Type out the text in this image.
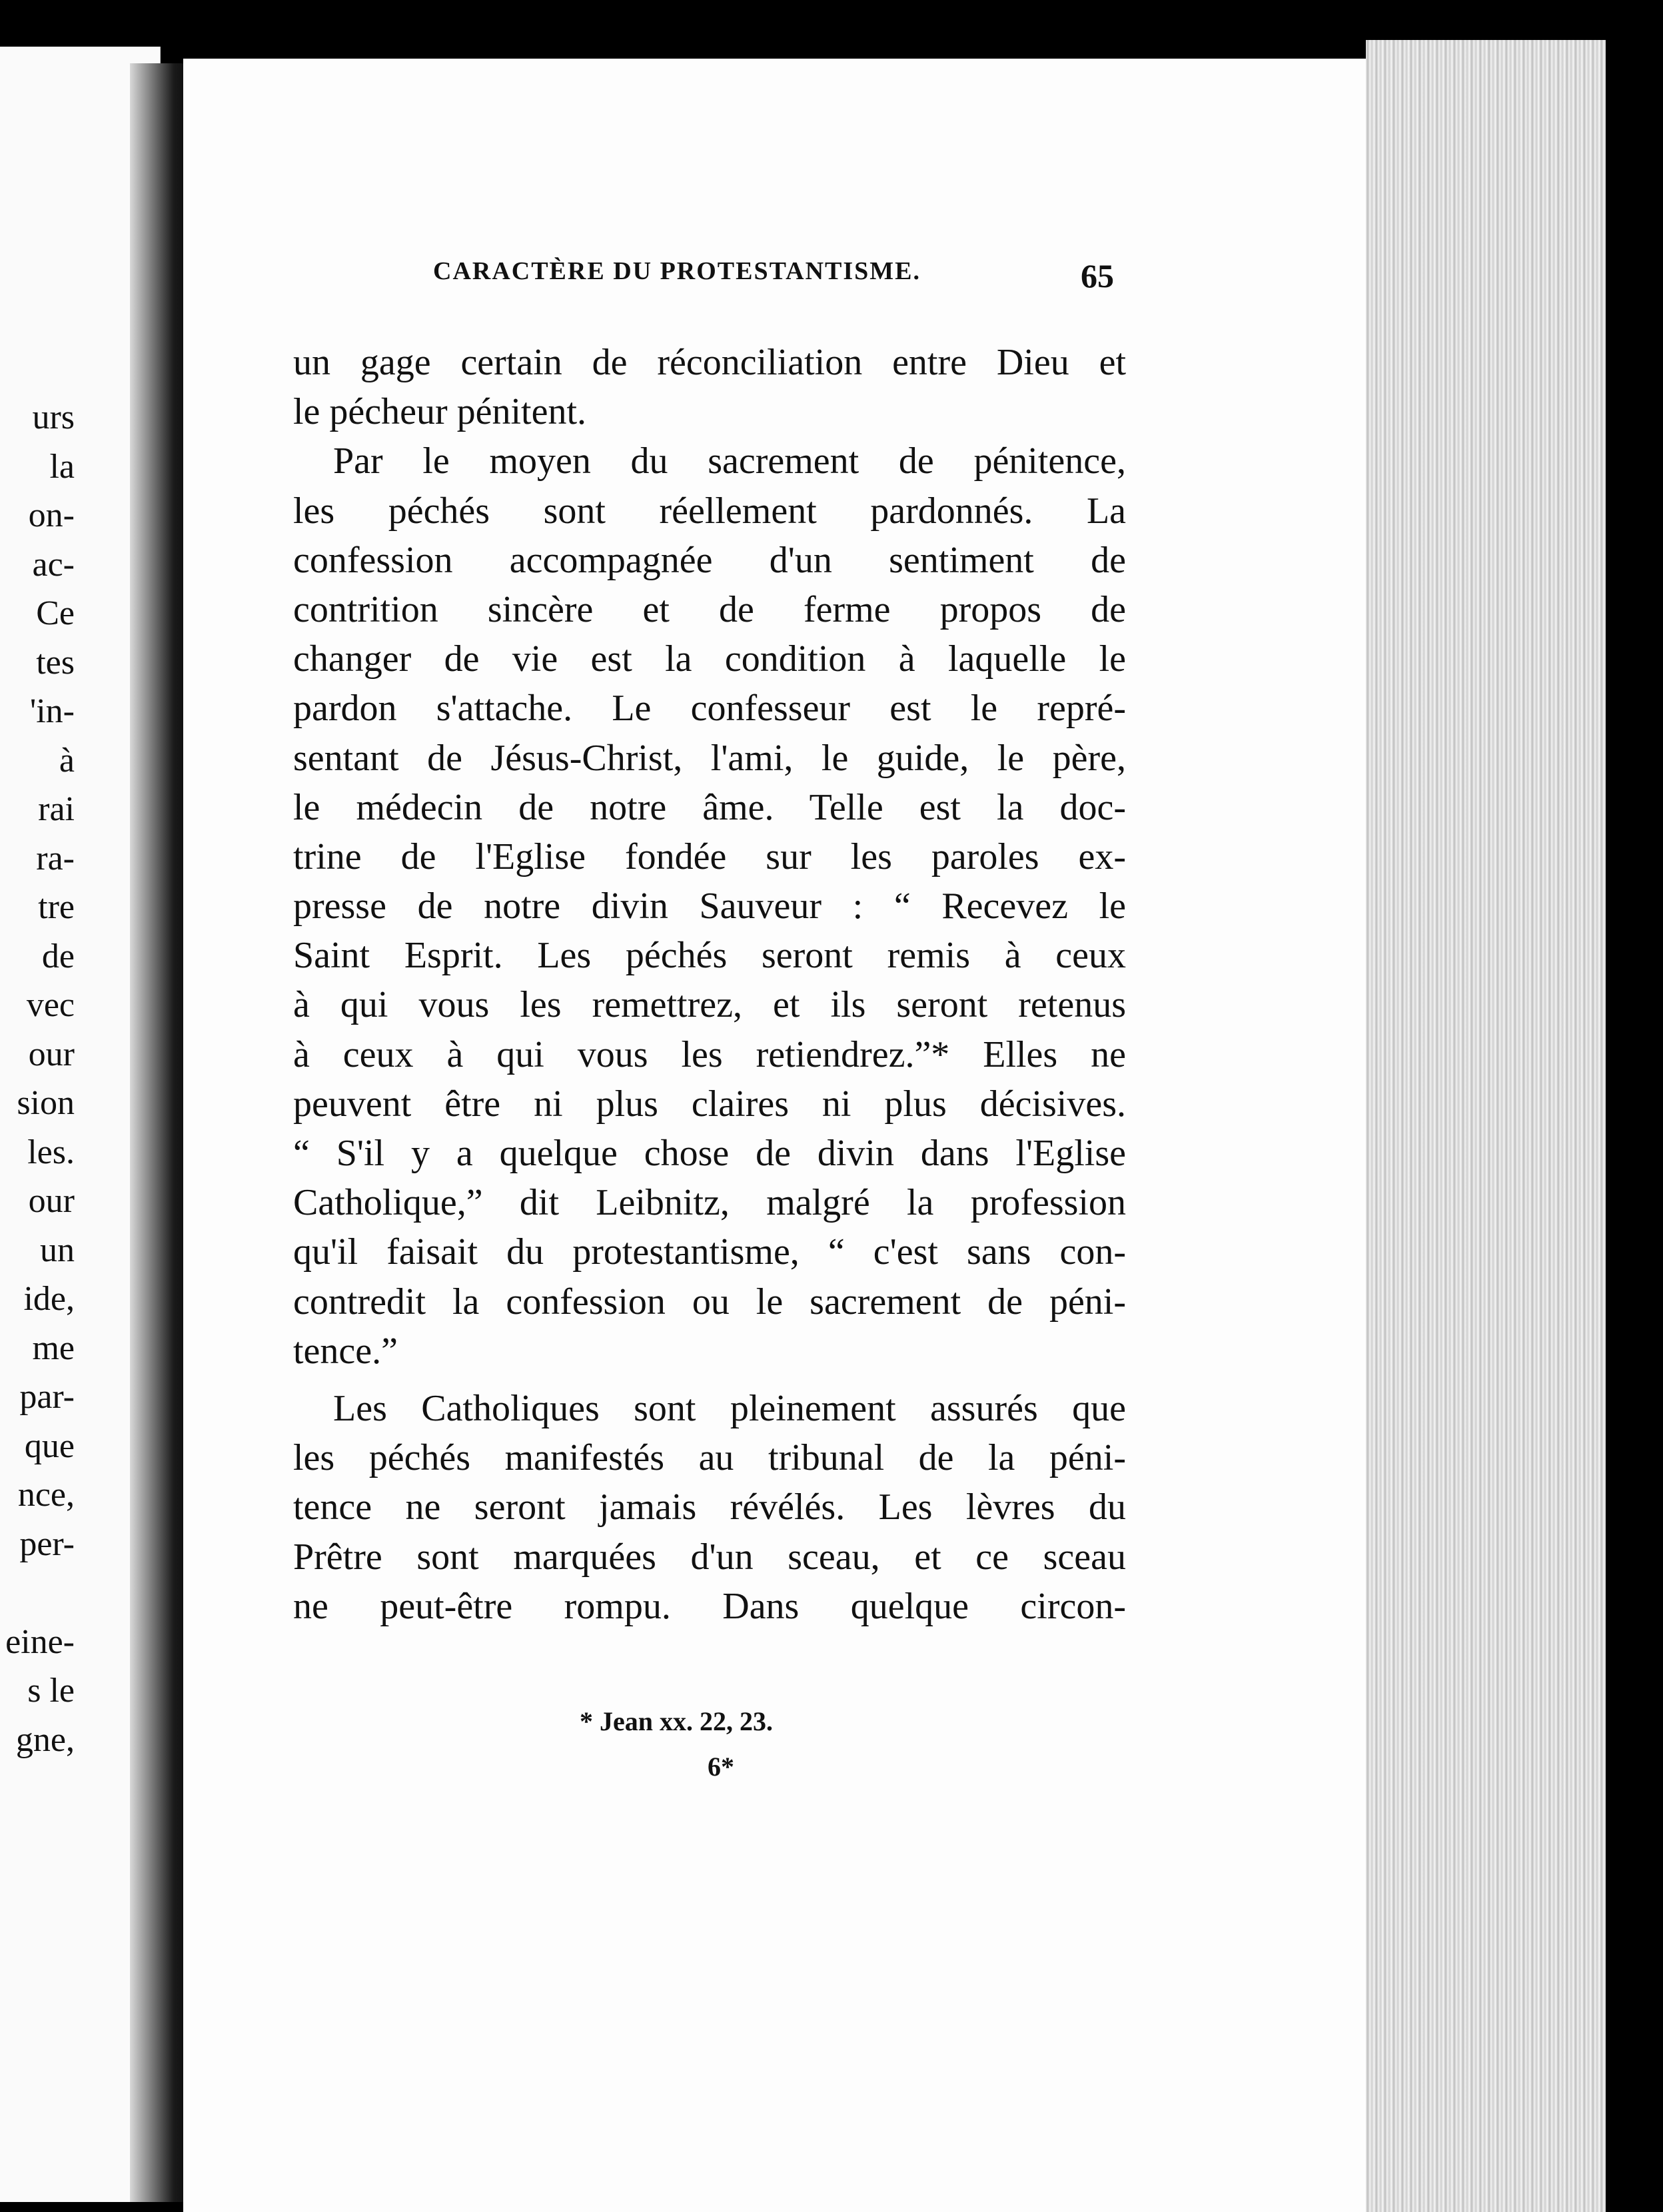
urs
la
on-
ac-
Ce
tes
'in-
à
rai
ra-
tre
de
vec
our
sion
les.
our
un
ide,
me
par-
que
nce,
per-

eine-
s le
gne,
CARACTÈRE DU PROTESTANTISME.	65
un gage certain de réconciliation entre Dieu et
le pécheur pénitent.
Par le moyen du sacrement de pénitence,
les péchés sont réellement pardonnés. La
confession accompagnée d'un sentiment de
contrition sincère et de ferme propos de
changer de vie est la condition à laquelle le
pardon s'attache. Le confesseur est le repré-
sentant de Jésus-Christ, l'ami, le guide, le père,
le médecin de notre âme. Telle est la doc-
trine de l'Eglise fondée sur les paroles ex-
presse de notre divin Sauveur : “ Recevez le
Saint Esprit. Les péchés seront remis à ceux
à qui vous les remettrez, et ils seront retenus
à ceux à qui vous les retiendrez.”* Elles ne
peuvent être ni plus claires ni plus décisives.
“ S'il y a quelque chose de divin dans l'Eglise
Catholique,” dit Leibnitz, malgré la profession
qu'il faisait du protestantisme, “ c'est sans con-
contredit la confession ou le sacrement de péni-
tence.”
Les Catholiques sont pleinement assurés que
les péchés manifestés au tribunal de la péni-
tence ne seront jamais révélés. Les lèvres du
Prêtre sont marquées d'un sceau, et ce sceau
ne peut-être rompu. Dans quelque circon-
* Jean xx. 22, 23.
6*
